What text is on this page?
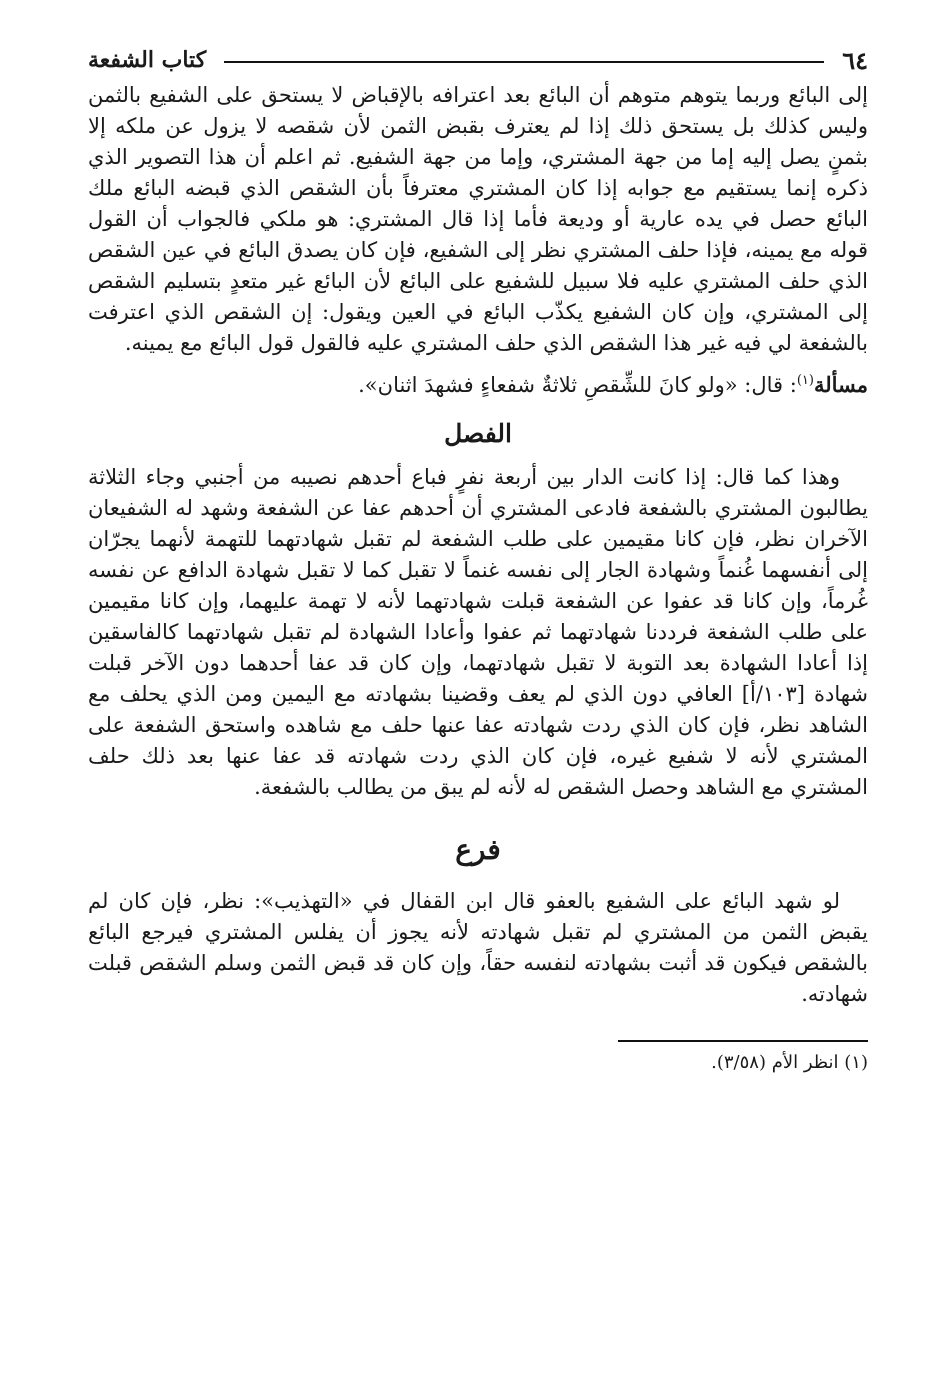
٦٤
كتاب الشفعة

إلى البائع وربما يتوهم متوهم أن البائع بعد اعترافه بالإقباض لا يستحق على الشفيع بالثمن وليس كذلك بل يستحق ذلك إذا لم يعترف بقبض الثمن لأن شقصه لا يزول عن ملكه إلا بثمنٍ يصل إليه إما من جهة المشتري، وإما من جهة الشفيع. ثم اعلم أن هذا التصوير الذي ذكره إنما يستقيم مع جوابه إذا كان المشتري معترفاً بأن الشقص الذي قبضه البائع ملك البائع حصل في يده عارية أو وديعة فأما إذا قال المشتري: هو ملكي فالجواب أن القول قوله مع يمينه، فإذا حلف المشتري نظر إلى الشفيع، فإن كان يصدق البائع في عين الشقص الذي حلف المشتري عليه فلا سبيل للشفيع على البائع لأن البائع غير متعدٍ بتسليم الشقص إلى المشتري، وإن كان الشفيع يكذّب البائع في العين ويقول: إن الشقص الذي اعترفت بالشفعة لي فيه غير هذا الشقص الذي حلف المشتري عليه فالقول قول البائع مع يمينه.

مسألة$^{(١)}$: قال: «ولو كانَ للشِّقصِ ثلاثةٌ شفعاءٍ فشهدَ اثنان».
الفصل

وهذا كما قال: إذا كانت الدار بين أربعة نفرٍ فباع أحدهم نصيبه من أجنبي وجاء الثلاثة يطالبون المشتري بالشفعة فادعى المشتري أن أحدهم عفا عن الشفعة وشهد له الشفيعان الآخران نظر، فإن كانا مقيمين على طلب الشفعة لم تقبل شهادتهما للتهمة لأنهما يجرّان إلى أنفسهما غُنماً وشهادة الجار إلى نفسه غنماً لا تقبل كما لا تقبل شهادة الدافع عن نفسه غُرماً، وإن كانا قد عفوا عن الشفعة قبلت شهادتهما لأنه لا تهمة عليهما، وإن كانا مقيمين على طلب الشفعة فرددنا شهادتهما ثم عفوا وأعادا الشهادة لم تقبل شهادتهما كالفاسقين إذا أعادا الشهادة بعد التوبة لا تقبل شهادتهما، وإن كان قد عفا أحدهما دون الآخر قبلت شهادة [١٠٣/أ] العافي دون الذي لم يعف وقضينا بشهادته مع اليمين ومن الذي يحلف مع الشاهد نظر، فإن كان الذي ردت شهادته عفا عنها حلف مع شاهده واستحق الشفعة على المشتري لأنه لا شفيع غيره، فإن كان الذي ردت شهادته قد عفا عنها بعد ذلك حلف المشتري مع الشاهد وحصل الشقص له لأنه لم يبق من يطالب بالشفعة.

فرع

لو شهد البائع على الشفيع بالعفو قال ابن القفال في «التهذيب»: نظر، فإن كان لم يقبض الثمن من المشتري لم تقبل شهادته لأنه يجوز أن يفلس المشتري فيرجع البائع بالشقص فيكون قد أثبت بشهادته لنفسه حقاً، وإن كان قد قبض الثمن وسلم الشقص قبلت شهادته.

(١) انظر الأم (٣/٥٨).
